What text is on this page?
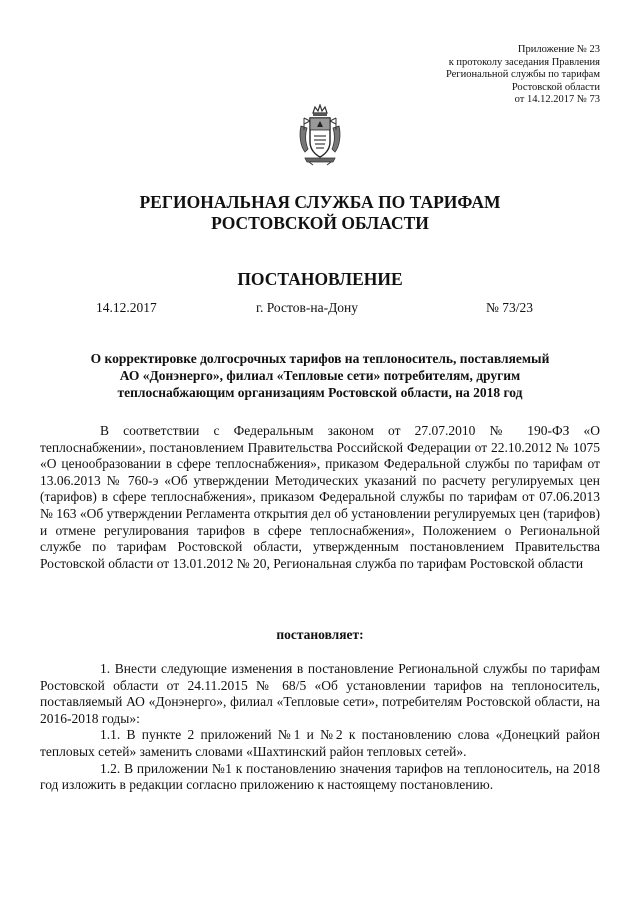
Приложение № 23
к протоколу заседания Правления
Региональной службы по тарифам
Ростовской области
от 14.12.2017 № 73
РЕГИОНАЛЬНАЯ СЛУЖБА ПО ТАРИФАМ
РОСТОВСКОЙ ОБЛАСТИ
ПОСТАНОВЛЕНИЕ
14.12.2017	г. Ростов-на-Дону	№ 73/23
О корректировке долгосрочных тарифов на теплоноситель, поставляемый
АО «Донэнерго», филиал «Тепловые сети» потребителям, другим
теплоснабжающим организациям Ростовской области, на 2018 год
В соответствии с Федеральным законом от 27.07.2010 № 190-ФЗ «О теплоснабжении», постановлением Правительства Российской Федерации от 22.10.2012 № 1075 «О ценообразовании в сфере теплоснабжения», приказом Федеральной службы по тарифам от 13.06.2013 № 760-э «Об утверждении Методических указаний по расчету регулируемых цен (тарифов) в сфере теплоснабжения», приказом Федеральной службы по тарифам от 07.06.2013 № 163 «Об утверждении Регламента открытия дел об установлении регулируемых цен (тарифов) и отмене регулирования тарифов в сфере теплоснабжения», Положением о Региональной службе по тарифам Ростовской области, утвержденным постановлением Правительства Ростовской области от 13.01.2012 № 20, Региональная служба по тарифам Ростовской области
постановляет:

1. Внести следующие изменения в постановление Региональной службы по тарифам Ростовской области от 24.11.2015 № 68/5 «Об установлении тарифов на теплоноситель, поставляемый АО «Донэнерго», филиал «Тепловые сети», потребителям Ростовской области, на 2016-2018 годы»:

1.1. В пункте 2 приложений №1 и №2 к постановлению слова «Донецкий район тепловых сетей» заменить словами «Шахтинский район тепловых сетей».

1.2. В приложении №1 к постановлению значения тарифов на теплоноситель, на 2018 год изложить в редакции согласно приложению к настоящему постановлению.
